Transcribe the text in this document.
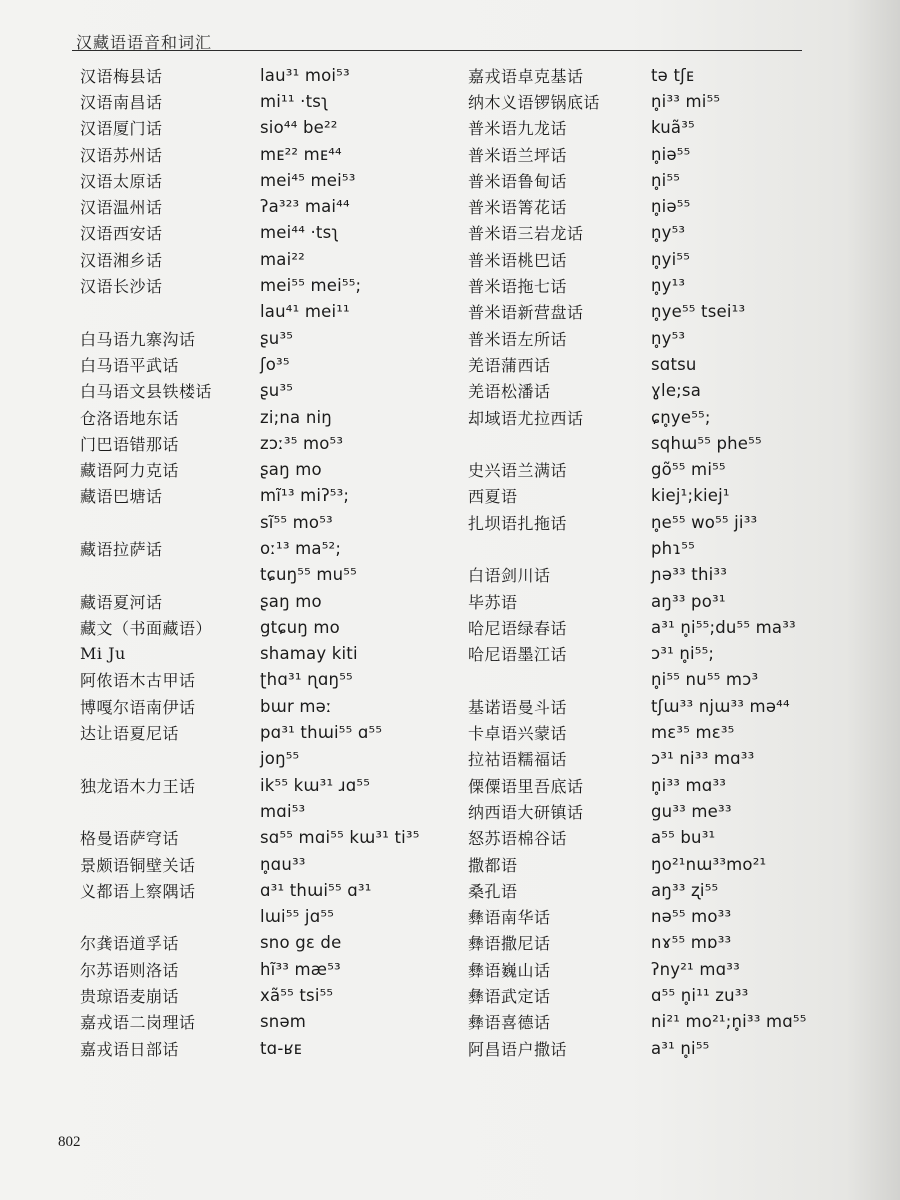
汉藏语语音和词汇
汉语梅县话	lau³¹ moi⁵³
汉语南昌话	mi¹¹ ·tsʅ
汉语厦门话	sio⁴⁴ be²²
汉语苏州话	mᴇ²² mᴇ⁴⁴
汉语太原话	mei⁴⁵ mei⁵³
汉语温州话	ʔa³²³ mai⁴⁴
汉语西安话	mei⁴⁴ ·tsʅ
汉语湘乡话	mai²²
汉语长沙话	mei⁵⁵ mei⁵⁵;
lau⁴¹ mei¹¹
白马语九寨沟话	ʂu³⁵
白马语平武话	ʃo³⁵
白马语文县铁楼话	ʂu³⁵
仓洛语地东话	zi;na niŋ
门巴语错那话	zɔː³⁵ mo⁵³
藏语阿力克话	ʂaŋ mo
藏语巴塘话	mĩ¹³ miʔ⁵³;
sĩ⁵⁵ mo⁵³
藏语拉萨话	oː¹³ ma⁵²;
tɕuŋ⁵⁵ mu⁵⁵
藏语夏河话	ʂaŋ mo
藏文（书面藏语）	gtɕuŋ mo
Mi Ju	shamay kiti
阿侬语木古甲话	ʈhɑ³¹ ɳɑŋ⁵⁵
博嘎尔语南伊话	bɯr məː
达让语夏尼话	pɑ³¹ thɯi⁵⁵ ɑ⁵⁵
joŋ⁵⁵
独龙语木力王话	ik⁵⁵ kɯ³¹ ɹɑ⁵⁵
mɑi⁵³
格曼语萨穹话	sɑ⁵⁵ mɑi⁵⁵ kɯ³¹ ti³⁵
景颇语铜壁关话	n̥ɑu³³
义都语上察隅话	ɑ³¹ thɯi⁵⁵ ɑ³¹
lɯi⁵⁵ jɑ⁵⁵
尔龚语道孚话	sno gɛ de
尔苏语则洛话	hĩ³³ mæ⁵³
贵琼语麦崩话	xã⁵⁵ tsi⁵⁵
嘉戎语二岗理话	snəm
嘉戎语日部话	tɑ-ʁᴇ
嘉戎语卓克基话	tə tʃᴇ
纳木义语锣锅底话	n̥i³³ mi⁵⁵
普米语九龙话	kuã³⁵
普米语兰坪话	n̥iə⁵⁵
普米语鲁甸话	n̥i⁵⁵
普米语箐花话	n̥iə⁵⁵
普米语三岩龙话	n̥y⁵³
普米语桃巴话	n̥yi⁵⁵
普米语拖七话	n̥y¹³
普米语新营盘话	n̥ye⁵⁵ tsei¹³
普米语左所话	n̥y⁵³
羌语蒲西话	sɑtsu
羌语松潘话	ɣle;sa
却域语尤拉西话	ɕn̥ye⁵⁵;
sqhɯ⁵⁵ phe⁵⁵
史兴语兰满话	gõ⁵⁵ mi⁵⁵
西夏语	kiej¹;kiej¹
扎坝语扎拖话	n̥e⁵⁵ wo⁵⁵ ji³³
phɿ⁵⁵
白语剑川话	ɲə³³ thi³³
毕苏语	aŋ³³ po³¹
哈尼语绿春话	a³¹ n̥i⁵⁵;du⁵⁵ ma³³
哈尼语墨江话	ɔ³¹ n̥i⁵⁵;
n̥i⁵⁵ nu⁵⁵ mɔ³
基诺语曼斗话	tʃɯ³³ njɯ³³ mə⁴⁴
卡卓语兴蒙话	mɛ³⁵ mɛ³⁵
拉祜语糯福话	ɔ³¹ ni³³ mɑ³³
傈僳语里吾底话	n̥i³³ mɑ³³
纳西语大研镇话	gu³³ me³³
怒苏语棉谷话	a⁵⁵ bu³¹
撒都语	ŋo²¹nɯ³³mo²¹
桑孔语	aŋ³³ ʐi⁵⁵
彝语南华话	nə⁵⁵ mo³³
彝语撒尼话	nɤ⁵⁵ mɒ³³
彝语巍山话	ʔny²¹ mɑ³³
彝语武定话	ɑ⁵⁵ n̥i¹¹ zu³³
彝语喜德话	ni²¹ mo²¹;n̥i³³ mɑ⁵⁵
阿昌语户撒话	a³¹ n̥i⁵⁵
802
